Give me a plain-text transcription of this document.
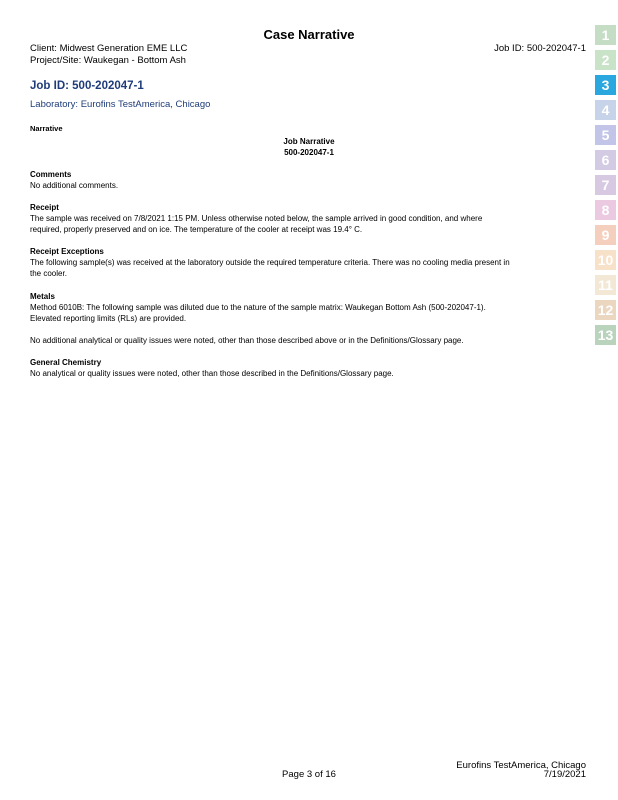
Case Narrative
Client: Midwest Generation EME LLC
Project/Site: Waukegan - Bottom Ash
Job ID: 500-202047-1
Job ID: 500-202047-1
Laboratory: Eurofins TestAmerica, Chicago
Narrative
Job Narrative
500-202047-1
Comments
No additional comments.
Receipt
The sample was received on 7/8/2021 1:15 PM. Unless otherwise noted below, the sample arrived in good condition, and where
required, properly preserved and on ice. The temperature of the cooler at receipt was 19.4° C.
Receipt Exceptions
The following sample(s) was received at the laboratory outside the required temperature criteria. There was no cooling media present in
the cooler.
Metals
Method 6010B: The following sample was diluted due to the nature of the sample matrix: Waukegan Bottom Ash (500-202047-1).
Elevated reporting limits (RLs) are provided.
No additional analytical or quality issues were noted, other than those described above or in the Definitions/Glossary page.
General Chemistry
No analytical or quality issues were noted, other than those described in the Definitions/Glossary page.
1
2
3
4
5
6
7
8
9
10
11
12
13
Eurofins TestAmerica, Chicago
7/19/2021
Page 3 of 16
